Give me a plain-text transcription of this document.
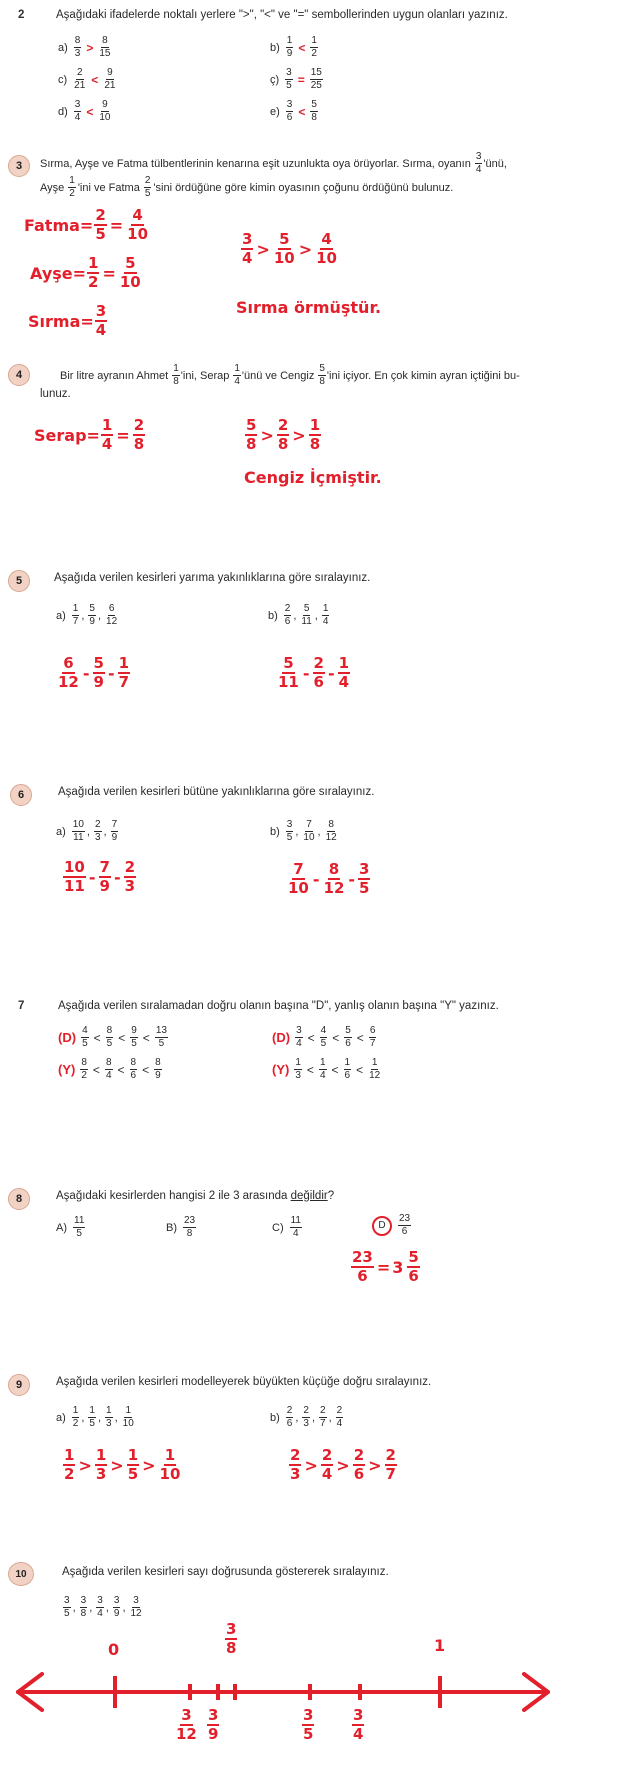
2	Aşağıdaki ifadelerde noktalı yerlere ">", "<" ve "=" sembollerinden uygun olanları yazınız.
$a) \frac{8}{3} > \frac{8}{15}$	$b) \frac{1}{9} < \frac{1}{2}$
$c) \frac{2}{21} < \frac{9}{21}$	ç) $\frac{3}{5} = \frac{15}{25}$
$d) \frac{3}{4} < \frac{9}{10}$	$e) \frac{3}{6} < \frac{5}{8}$
3	Sırma, Ayşe ve Fatma tülbentlerinin kenarına eşit uzunlukta oya örüyorlar. Sırma, oyanın $\frac{3}{4}$ 'ünü,
Ayşe $\frac{1}{2}$ 'ini ve Fatma $\frac{2}{5}$ 'sini ördüğüne göre kimin oyasının çoğunu ördüğünü bulunuz.
Fatma= $\frac{2}{5} = \frac{4}{10}$
$\frac{3}{4} > \frac{5}{10} > \frac{4}{10}$
Ayşe= $\frac{1}{2} = \frac{5}{10}$
Sırma örmüştür.
Sırma= $\frac{3}{4}$
4	Bir litre ayranın Ahmet $\frac{1}{8}$ 'ini, Serap $\frac{1}{4}$ 'ünü ve Cengiz $\frac{5}{8}$ 'ini içiyor. En çok kimin ayran içtiğini bu-
lunuz.
Serap= $\frac{1}{4} = \frac{2}{8}$	$\frac{5}{8} > \frac{2}{8} > \frac{1}{8}$
Cengiz İçmiştir.
5	Aşağıda verilen kesirleri yarıma yakınlıklarına göre sıralayınız.
$a) \frac{1}{7}$ , $\frac{5}{9}$ , $\frac{6}{12}$	$b) \frac{2}{6}$ , $\frac{5}{11}$ , $\frac{1}{4}$
$\frac{6}{12} - \frac{5}{9} - \frac{1}{7}$	$\frac{5}{11} - \frac{2}{6} - \frac{1}{4}$
6	Aşağıda verilen kesirleri bütüne yakınlıklarına göre sıralayınız.
$a) \frac{10}{11}$ , $\frac{2}{3}$ , $\frac{7}{9}$	$b) \frac{3}{5}$ , $\frac{7}{10}$ , $\frac{8}{12}$
$\frac{10}{11} - \frac{7}{9} - \frac{2}{3}$	$\frac{7}{10} - \frac{8}{12} - \frac{3}{5}$
7	Aşağıda verilen sıralamadan doğru olanın başına "D", yanlış olanın başına "Y" yazınız.
( D ) $\frac{4}{5} < \frac{8}{5} < \frac{9}{5} < \frac{13}{5}$	( D ) $\frac{3}{4} < \frac{4}{5} < \frac{5}{6} < \frac{6}{7}$
( Y ) $\frac{8}{2} < \frac{8}{4} < \frac{8}{6} < \frac{8}{9}$	( Y ) $\frac{1}{3} < \frac{1}{4} < \frac{1}{6} < \frac{1}{12}$
8	Aşağıdaki kesirlerden hangisi 2 ile 3 arasında değildir?
$A) \frac{11}{5}$	$B) \frac{23}{8}$	$C) \frac{11}{4}$	D	$\frac{23}{6}$
$\frac{23}{6} = 3 \frac{5}{6}$
9	Aşağıda verilen kesirleri modelleyerek büyükten küçüğe doğru sıralayınız.
$a) \frac{1}{2}$ , $\frac{1}{5}$ , $\frac{1}{3}$ , $\frac{1}{10}$	$b) \frac{2}{6}$ , $\frac{2}{3}$ , $\frac{2}{7}$ , $\frac{2}{4}$
$\frac{1}{2} > \frac{1}{3} > \frac{1}{5} > \frac{1}{10}$	$\frac{2}{3} > \frac{2}{4} > \frac{2}{6} > \frac{2}{7}$
10	Aşağıda verilen kesirleri sayı doğrusunda göstererek sıralayınız.
$\frac{3}{5}$ , $\frac{3}{8}$ , $\frac{3}{4}$ , $\frac{3}{9}$ , $\frac{3}{12}$
0	1
$\frac{3}{8}$
$\frac{3}{12} \frac{3}{9}$	$\frac{3}{5}$	$\frac{3}{4}$
